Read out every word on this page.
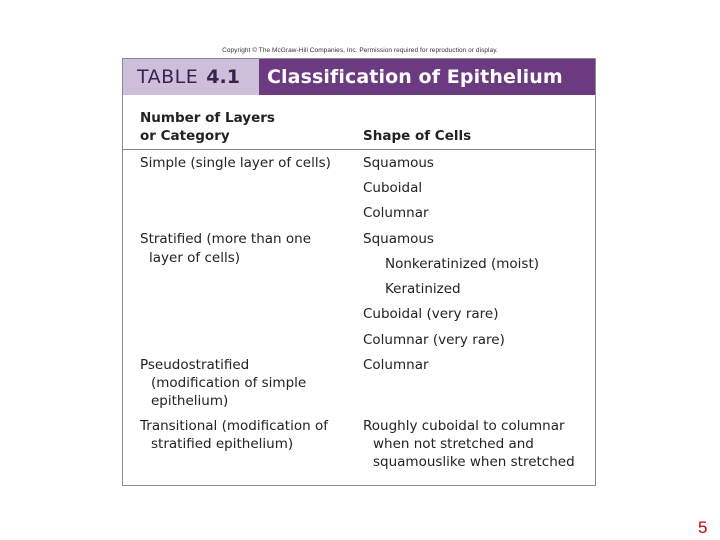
Copyright © The McGraw-Hill Companies, Inc. Permission required for reproduction or display.
TABLE 4.1 Classification of Epithelium
Number of Layers
or Category	Shape of Cells
Simple (single layer of cells) Squamous
Cuboidal
Columnar
Stratified (more than one
layer of cells)
Squamous
Nonkeratinized (moist)
Keratinized
Cuboidal (very rare)
Columnar (very rare)
Pseudostratified
(modification of simple
epithelium)
Columnar
Transitional (modification of
stratified epithelium)
Roughly cuboidal to columnar
when not stretched and
squamouslike when stretched
5
